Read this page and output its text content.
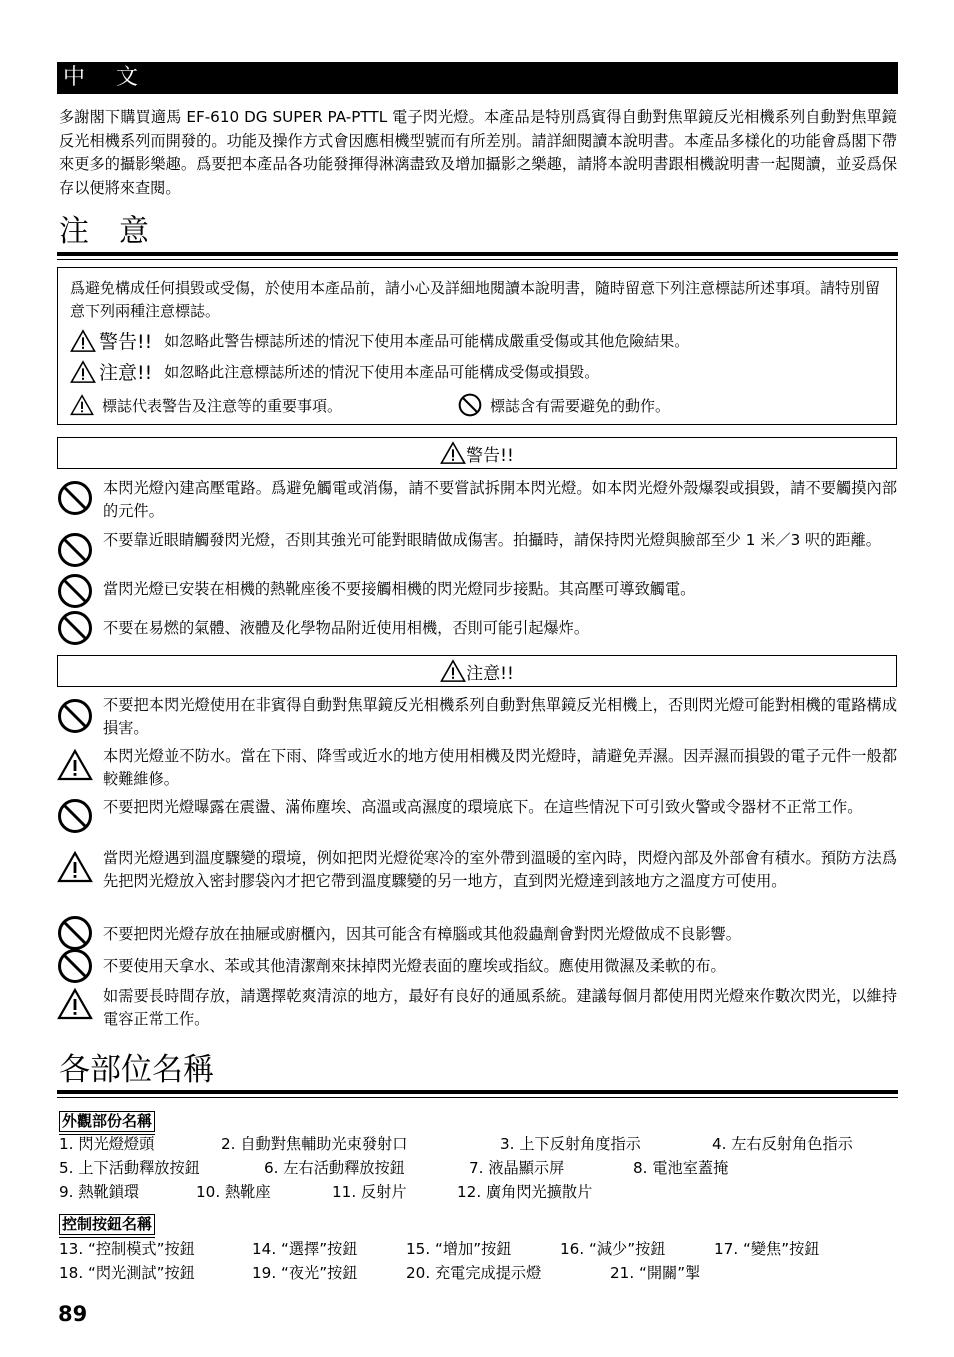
中 文
多謝閣下購買適馬 EF-610 DG SUPER PA-PTTL 電子閃光燈。本產品是特別爲賓得自動對焦單鏡反光相機系列自動對焦單鏡反光相機系列而開發的。功能及操作方式會因應相機型號而有所差別。請詳細閱讀本說明書。本產品多樣化的功能會爲閣下帶來更多的攝影樂趣。爲要把本產品各功能發揮得淋漓盡致及增加攝影之樂趣，請將本說明書跟相機說明書一起閱讀，並妥爲保存以便將來查閱。
注　意
爲避免構成任何損毀或受傷，於使用本產品前，請小心及詳細地閱讀本說明書，隨時留意下列注意標誌所述事項。請特別留意下列兩種注意標誌。
警告!! 如忽略此警告標誌所述的情況下使用本產品可能構成嚴重受傷或其他危險結果。
注意!! 如忽略此注意標誌所述的情況下使用本產品可能構成受傷或損毀。
標誌代表警告及注意等的重要事項。	標誌含有需要避免的動作。
警告!!
本閃光燈內建高壓電路。爲避免觸電或消傷，請不要嘗試拆開本閃光燈。如本閃光燈外殼爆裂或損毀，請不要觸摸內部的元件。
不要靠近眼睛觸發閃光燈，否則其強光可能對眼睛做成傷害。拍攝時，請保持閃光燈與臉部至少 1 米／3 呎的距離。
當閃光燈已安裝在相機的熱靴座後不要接觸相機的閃光燈同步接點。其高壓可導致觸電。
不要在易燃的氣體、液體及化學物品附近使用相機，否則可能引起爆炸。
注意!!
不要把本閃光燈使用在非賓得自動對焦單鏡反光相機系列自動對焦單鏡反光相機上，否則閃光燈可能對相機的電路構成損害。
本閃光燈並不防水。當在下雨、降雪或近水的地方使用相機及閃光燈時，請避免弄濕。因弄濕而損毀的電子元件一般都較難維修。
不要把閃光燈曝露在震盪、滿佈塵埃、高溫或高濕度的環境底下。在這些情況下可引致火警或令器材不正常工作。
當閃光燈遇到溫度驟變的環境，例如把閃光燈從寒冷的室外帶到溫暖的室內時，閃燈內部及外部會有積水。預防方法爲先把閃光燈放入密封膠袋內才把它帶到溫度驟變的另一地方，直到閃光燈達到該地方之溫度方可使用。
不要把閃光燈存放在抽屜或廚櫃內，因其可能含有樟腦或其他殺蟲劑會對閃光燈做成不良影響。
不要使用天拿水、苯或其他清潔劑來抹掉閃光燈表面的塵埃或指紋。應使用微濕及柔軟的布。
如需要長時間存放，請選擇乾爽清涼的地方，最好有良好的通風系統。建議每個月都使用閃光燈來作數次閃光，以維持電容正常工作。
各部位名稱
外觀部份名稱
1. 閃光燈燈頭	2. 自動對焦輔助光束發射口	3. 上下反射角度指示	4. 左右反射角色指示
5. 上下活動釋放按鈕	6. 左右活動釋放按鈕	7. 液晶顯示屏	8. 電池室蓋掩
9. 熱靴鎖環	10. 熱靴座	11. 反射片	12. 廣角閃光擴散片
控制按鈕名稱
13. “控制模式”按鈕	14. “選擇”按鈕	15. “增加”按鈕	16. “減少”按鈕	17. “變焦”按鈕
18. “閃光測試”按鈕	19. “夜光”按鈕	20. 充電完成提示燈	21. “開關”掣
89
